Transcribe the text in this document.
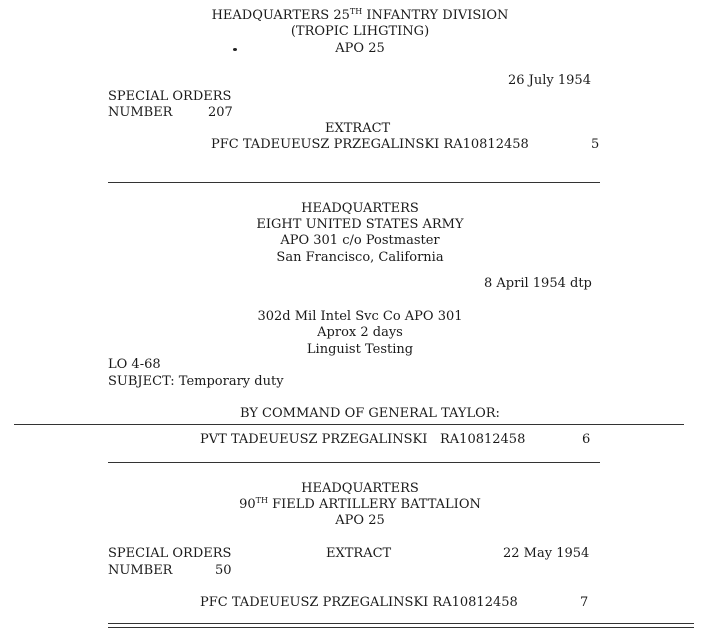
HEADQUARTERS 25TH INFANTRY DIVISION
(TROPIC LIHGTING)
APO 25
26 July 1954
SPECIAL ORDERS
NUMBER	207
EXTRACT
PFC TADEUEUSZ PRZEGALINSKI RA10812458	5
HEADQUARTERS
EIGHT UNITED STATES ARMY
APO 301 c/o Postmaster
San Francisco, California
8 April 1954 dtp
302d Mil Intel Svc Co APO 301
Aprox 2 days
Linguist Testing
LO 4-68
SUBJECT: Temporary duty
BY COMMAND OF GENERAL TAYLOR:
PVT TADEUEUSZ PRZEGALINSKI RA10812458	6
HEADQUARTERS
90TH FIELD ARTILLERY BATTALION
APO 25
SPECIAL ORDERS	EXTRACT	22 May 1954
NUMBER	50
PFC TADEUEUSZ PRZEGALINSKI RA10812458	7
